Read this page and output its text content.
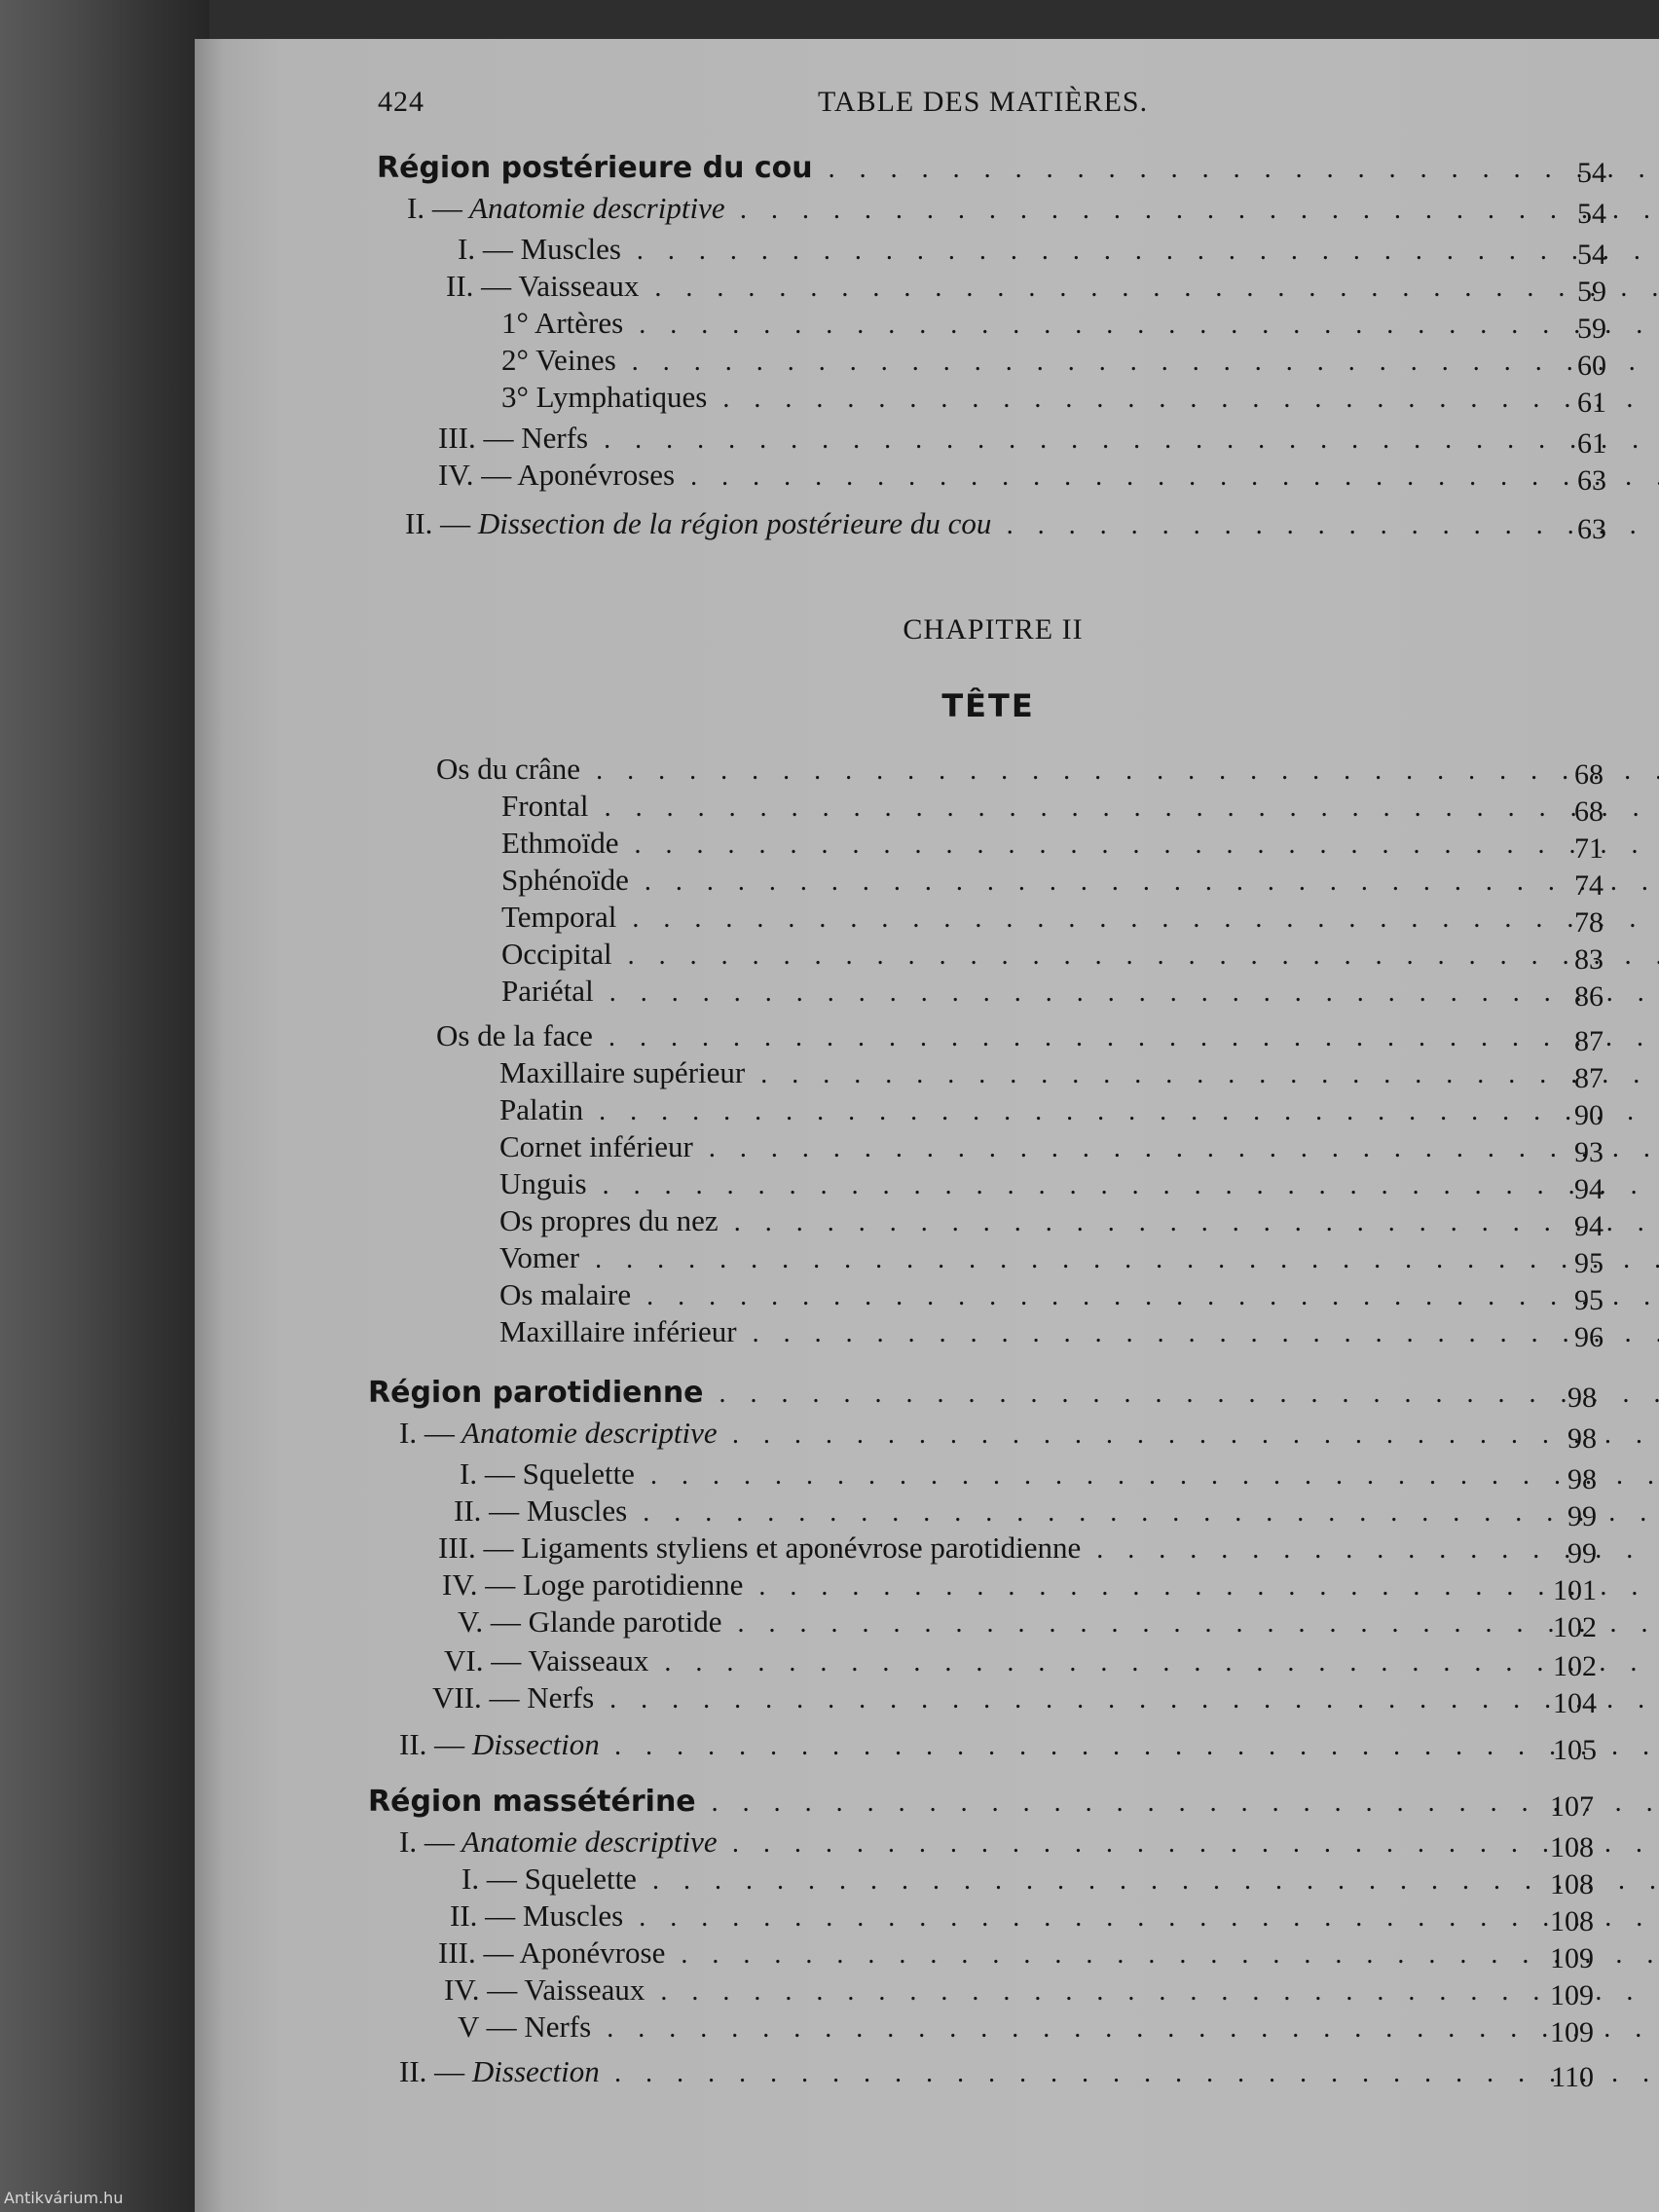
424	TABLE DES MATIÈRES.
Région postérieure du cou . . .	54
I. — Anatomie descriptive . . .	54
I. — Muscles . . .	54
II. — Vaisseaux . . .	59
1° Artères . . .	59
2° Veines . . .	60
3° Lymphatiques . . .	61
III. — Nerfs . . .	61
IV. — Aponévroses . . .	63
II. — Dissection de la région postérieure du cou . . .	63
CHAPITRE II
TÊTE
Os du crâne . . .	68
Frontal . . .	68
Ethmoïde . . .	71
Sphénoïde . . .	74
Temporal . . .	78
Occipital . . .	83
Pariétal . . .	86
Os de la face . . .	87
Maxillaire supérieur . . .	87
Palatin . . .	90
Cornet inférieur . . .	93
Unguis . . .	94
Os propres du nez . . .	94
Vomer . . .	95
Os malaire . . .	95
Maxillaire inférieur . . .	96
Région parotidienne . . .	98
I. — Anatomie descriptive . . .	98
I. — Squelette . . .	98
II. — Muscles . . .	99
III. — Ligaments styliens et aponévrose parotidienne . . .	99
IV. — Loge parotidienne . . .	101
V. — Glande parotide . . .	102
VI. — Vaisseaux . . .	102
VII. — Nerfs . . .	104
II. — Dissection . . .	105
Région massétérine . . .	107
I. — Anatomie descriptive . . .	108
I. — Squelette . . .	108
II. — Muscles . . .	108
III. — Aponévrose . . .	109
IV. — Vaisseaux . . .	109
V — Nerfs . . .	109
II. — Dissection . . .	110
Antikvárium.hu
